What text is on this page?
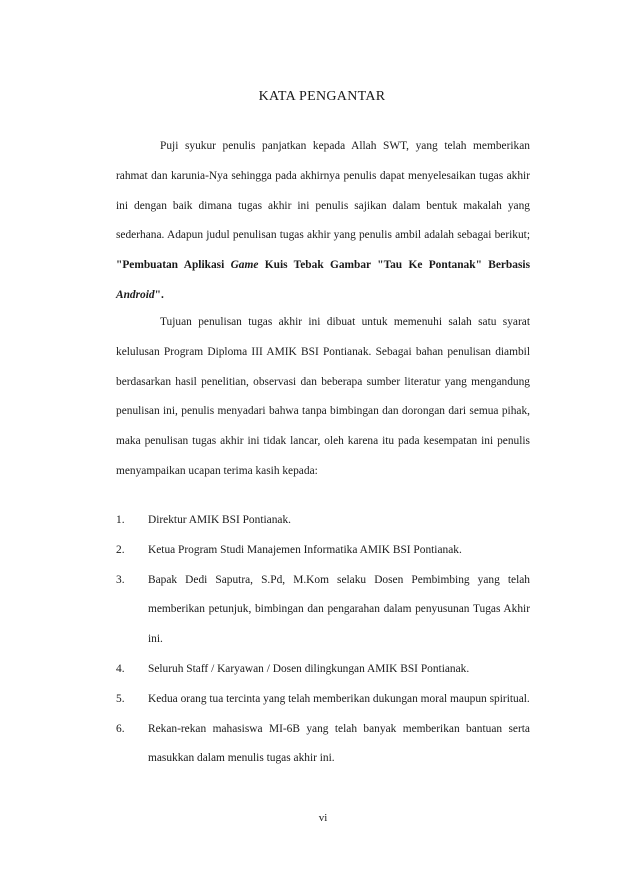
KATA PENGANTAR

Puji syukur penulis panjatkan kepada Allah SWT, yang telah memberikan rahmat dan karunia-Nya sehingga pada akhirnya penulis dapat menyelesaikan tugas akhir ini dengan baik dimana tugas akhir ini penulis sajikan dalam bentuk makalah yang sederhana. Adapun judul penulisan tugas akhir yang penulis ambil adalah sebagai berikut; "Pembuatan Aplikasi Game Kuis Tebak Gambar "Tau Ke Pontanak" Berbasis Android".

Tujuan penulisan tugas akhir ini dibuat untuk memenuhi salah satu syarat kelulusan Program Diploma III AMIK BSI Pontianak. Sebagai bahan penulisan diambil berdasarkan hasil penelitian, observasi dan beberapa sumber literatur yang mengandung penulisan ini, penulis menyadari bahwa tanpa bimbingan dan dorongan dari semua pihak, maka penulisan tugas akhir ini tidak lancar, oleh karena itu pada kesempatan ini penulis menyampaikan ucapan terima kasih kepada:

1.	Direktur AMIK BSI Pontianak.
2.	Ketua Program Studi Manajemen Informatika AMIK BSI Pontianak.
3.	Bapak Dedi Saputra, S.Pd, M.Kom selaku Dosen Pembimbing yang telah memberikan petunjuk, bimbingan dan pengarahan dalam penyusunan Tugas Akhir ini.
4.	Seluruh Staff / Karyawan / Dosen dilingkungan AMIK BSI Pontianak.
5.	Kedua orang tua tercinta yang telah memberikan dukungan moral maupun spiritual.
6.	Rekan-rekan mahasiswa MI-6B yang telah banyak memberikan bantuan serta masukkan dalam menulis tugas akhir ini.
vi
